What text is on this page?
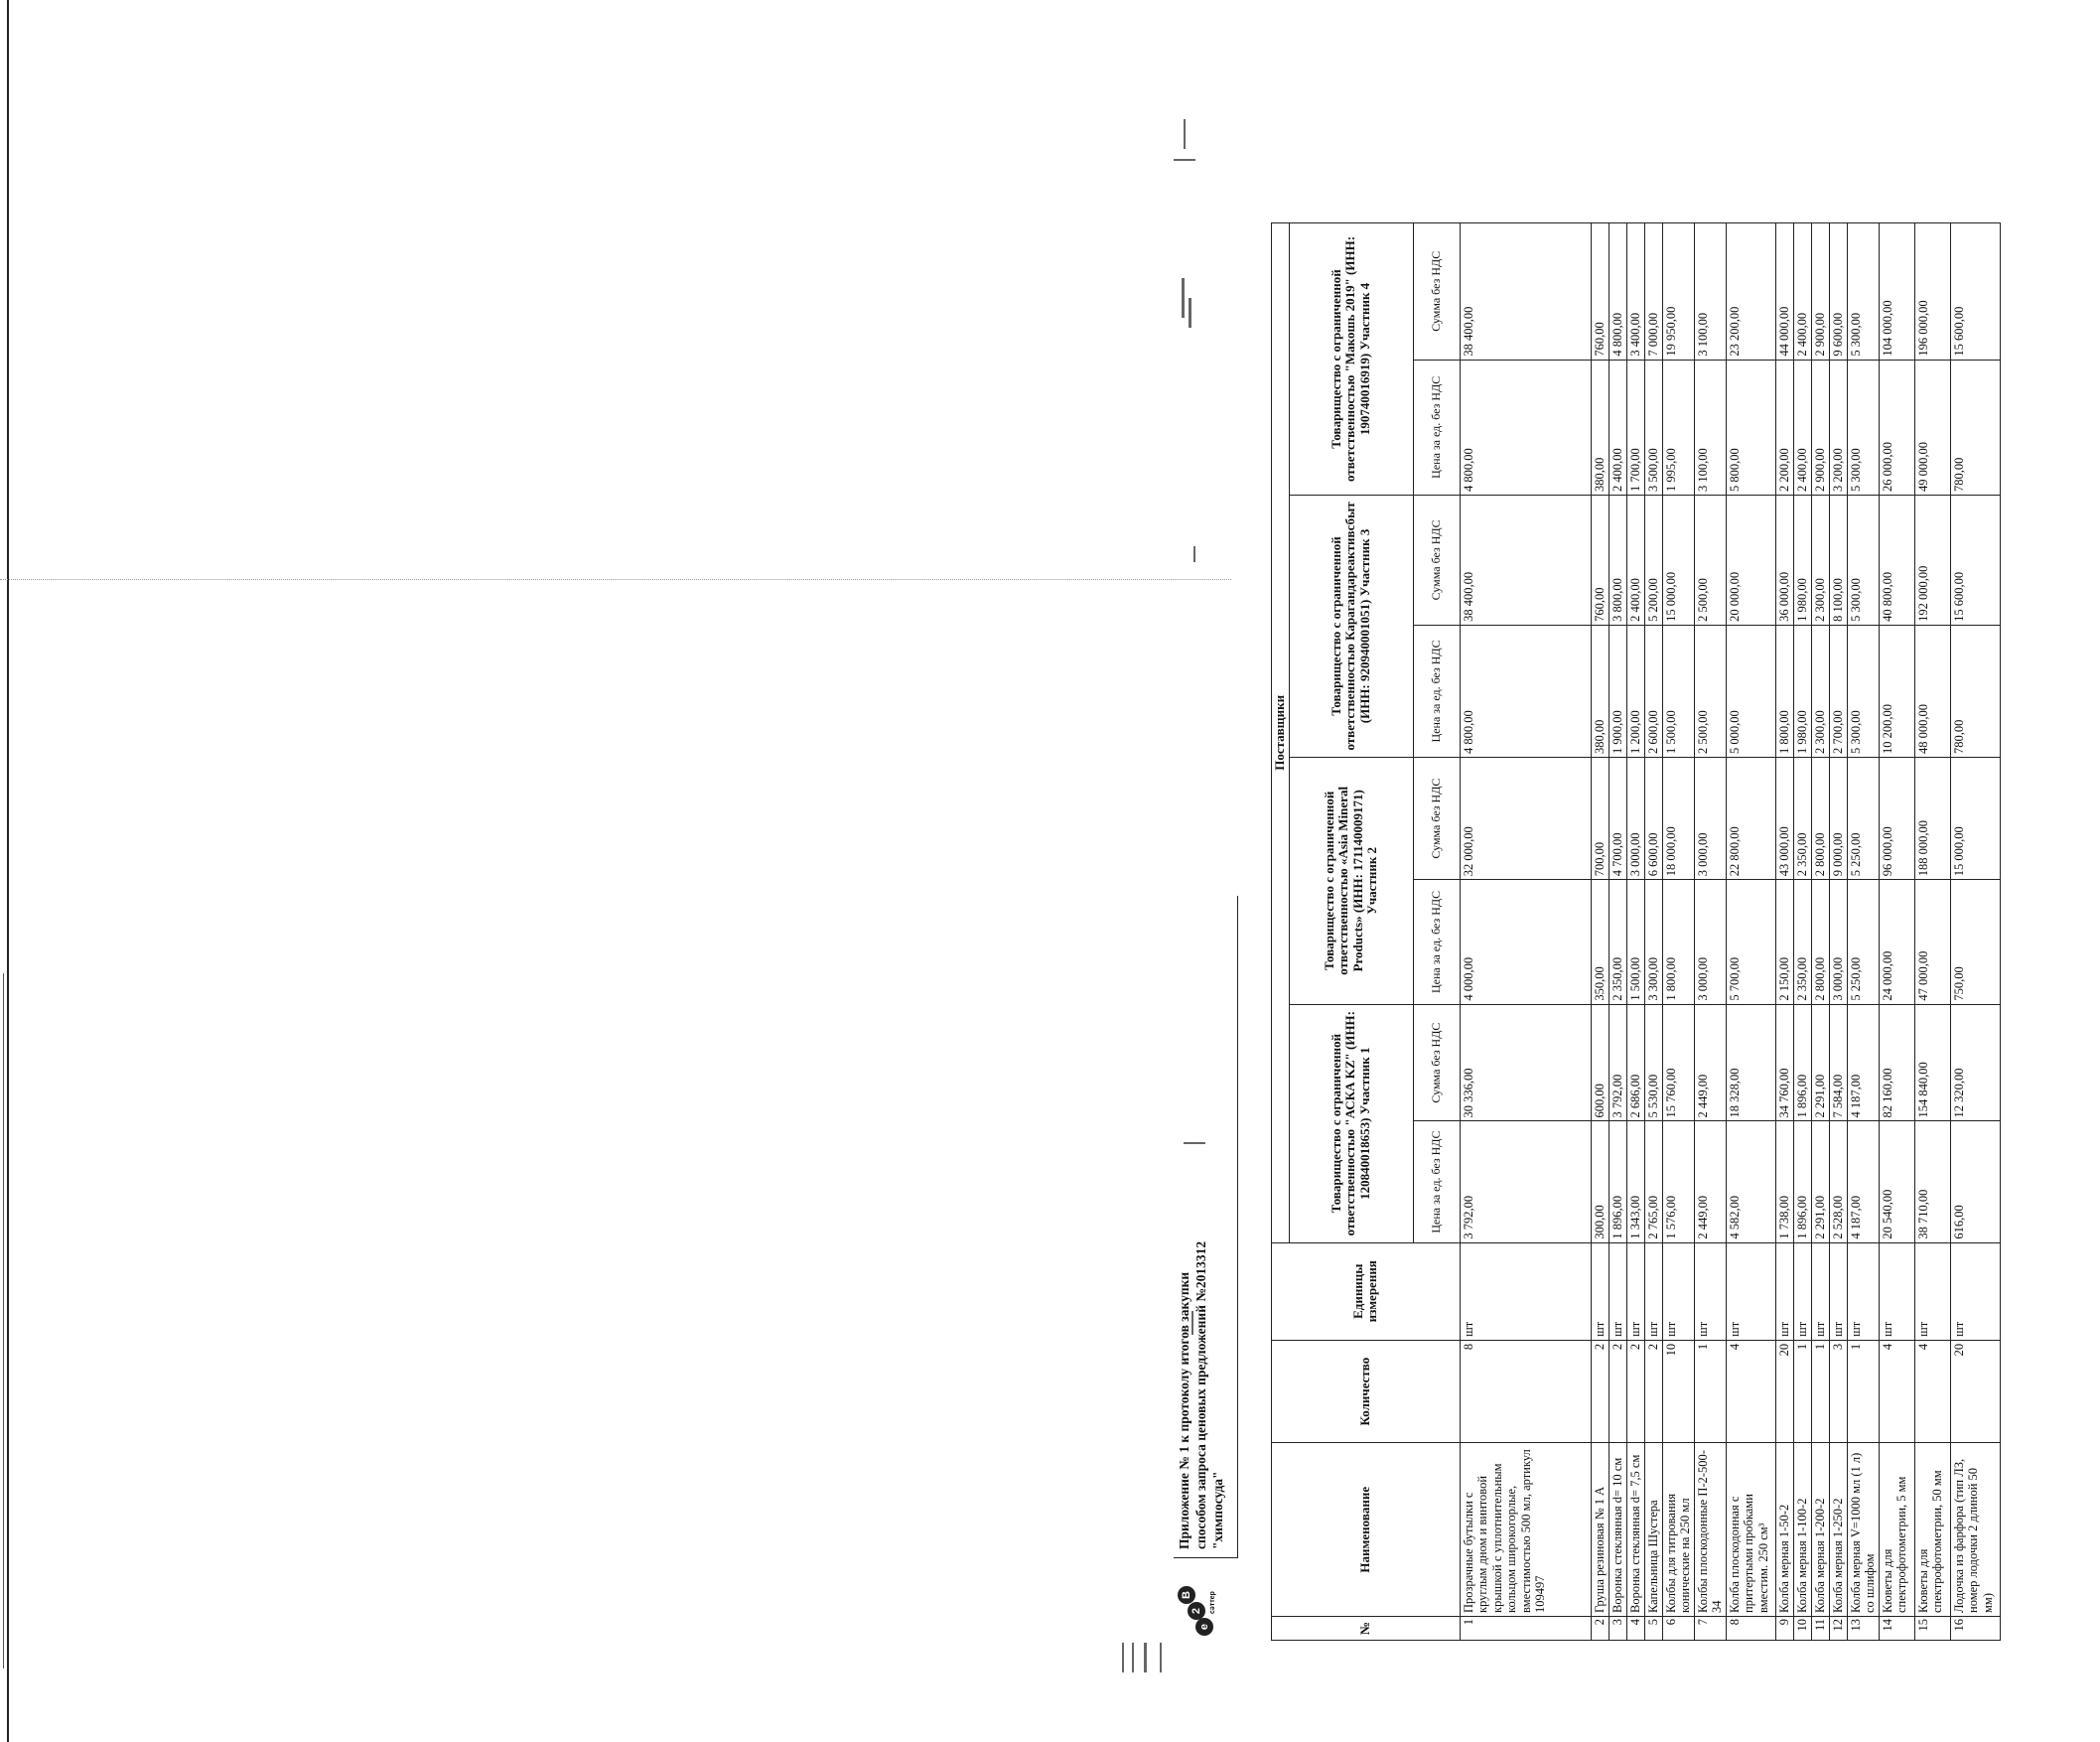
e
2
B	сәттер
Приложение № 1 к протоколу итогов закупки способом запроса ценовых предложений №2013312 "химпосуда"
№	Наименование	Количество	Единицы измерения	Поставщики							
				Товарищество с ограниченной ответственностью "АСКА KZ" (ИНН: 120840018653) Участник 1		Товарищество с ограниченной ответственностью «Asia Mineral Products» (ИНН: 171140009171) Участник 2		Товарищество с ограниченной ответственностью Карагандареактивсбыт (ИНН: 920940001051) Участник 3		Товарищество с ограниченной ответственностью "Макошь 2019" (ИНН: 190740016919) Участник 4	
				Цена за ед. без НДС	Сумма без НДС	Цена за ед. без НДС	Сумма без НДС	Цена за ед. без НДС	Сумма без НДС	Цена за ед. без НДС	Сумма без НДС
1	Прозрачные бутылки с круглым дном и винтовой крышкой с уплотнительным кольцом широкогорлые, вместимостью 500 мл, артикул 109497	8	шт	3 792,00	30 336,00	4 000,00	32 000,00	4 800,00	38 400,00	4 800,00	38 400,00
2	Груша резиновая № 1 А	2	шт	300,00	600,00	350,00	700,00	380,00	760,00	380,00	760,00
3	Воронка стеклянная d= 10 см	2	шт	1 896,00	3 792,00	2 350,00	4 700,00	1 900,00	3 800,00	2 400,00	4 800,00
4	Воронка стеклянная d= 7,5 см	2	шт	1 343,00	2 686,00	1 500,00	3 000,00	1 200,00	2 400,00	1 700,00	3 400,00
5	Капельница Шустера	2	шт	2 765,00	5 530,00	3 300,00	6 600,00	2 600,00	5 200,00	3 500,00	7 000,00
6	Колбы для титрования конические на 250 мл	10	шт	1 576,00	15 760,00	1 800,00	18 000,00	1 500,00	15 000,00	1 995,00	19 950,00
7	Колбы плоскодонные П-2-500-34	1	шт	2 449,00	2 449,00	3 000,00	3 000,00	2 500,00	2 500,00	3 100,00	3 100,00
8	Колба плоскодонная с притертыми пробками вместим. 250 см³	4	шт	4 582,00	18 328,00	5 700,00	22 800,00	5 000,00	20 000,00	5 800,00	23 200,00
9	Колба мерная 1-50-2	20	шт	1 738,00	34 760,00	2 150,00	43 000,00	1 800,00	36 000,00	2 200,00	44 000,00
10	Колба мерная 1-100-2	1	шт	1 896,00	1 896,00	2 350,00	2 350,00	1 980,00	1 980,00	2 400,00	2 400,00
11	Колба мерная 1-200-2	1	шт	2 291,00	2 291,00	2 800,00	2 800,00	2 300,00	2 300,00	2 900,00	2 900,00
12	Колба мерная 1-250-2	3	шт	2 528,00	7 584,00	3 000,00	9 000,00	2 700,00	8 100,00	3 200,00	9 600,00
13	Колба мерная V=1000 мл (1 л) со шлифом	1	шт	4 187,00	4 187,00	5 250,00	5 250,00	5 300,00	5 300,00	5 300,00	5 300,00
14	Кюветы для спектрофотометрии, 5 мм	4	шт	20 540,00	82 160,00	24 000,00	96 000,00	10 200,00	40 800,00	26 000,00	104 000,00
15	Кюветы для спектрофотометрии, 50 мм	4	шт	38 710,00	154 840,00	47 000,00	188 000,00	48 000,00	192 000,00	49 000,00	196 000,00
16	Лодочка из фарфора (тип ЛЗ, номер лодочки 2 длиной 50 мм)	20	шт	616,00	12 320,00	750,00	15 000,00	780,00	15 600,00	780,00	15 600,00
